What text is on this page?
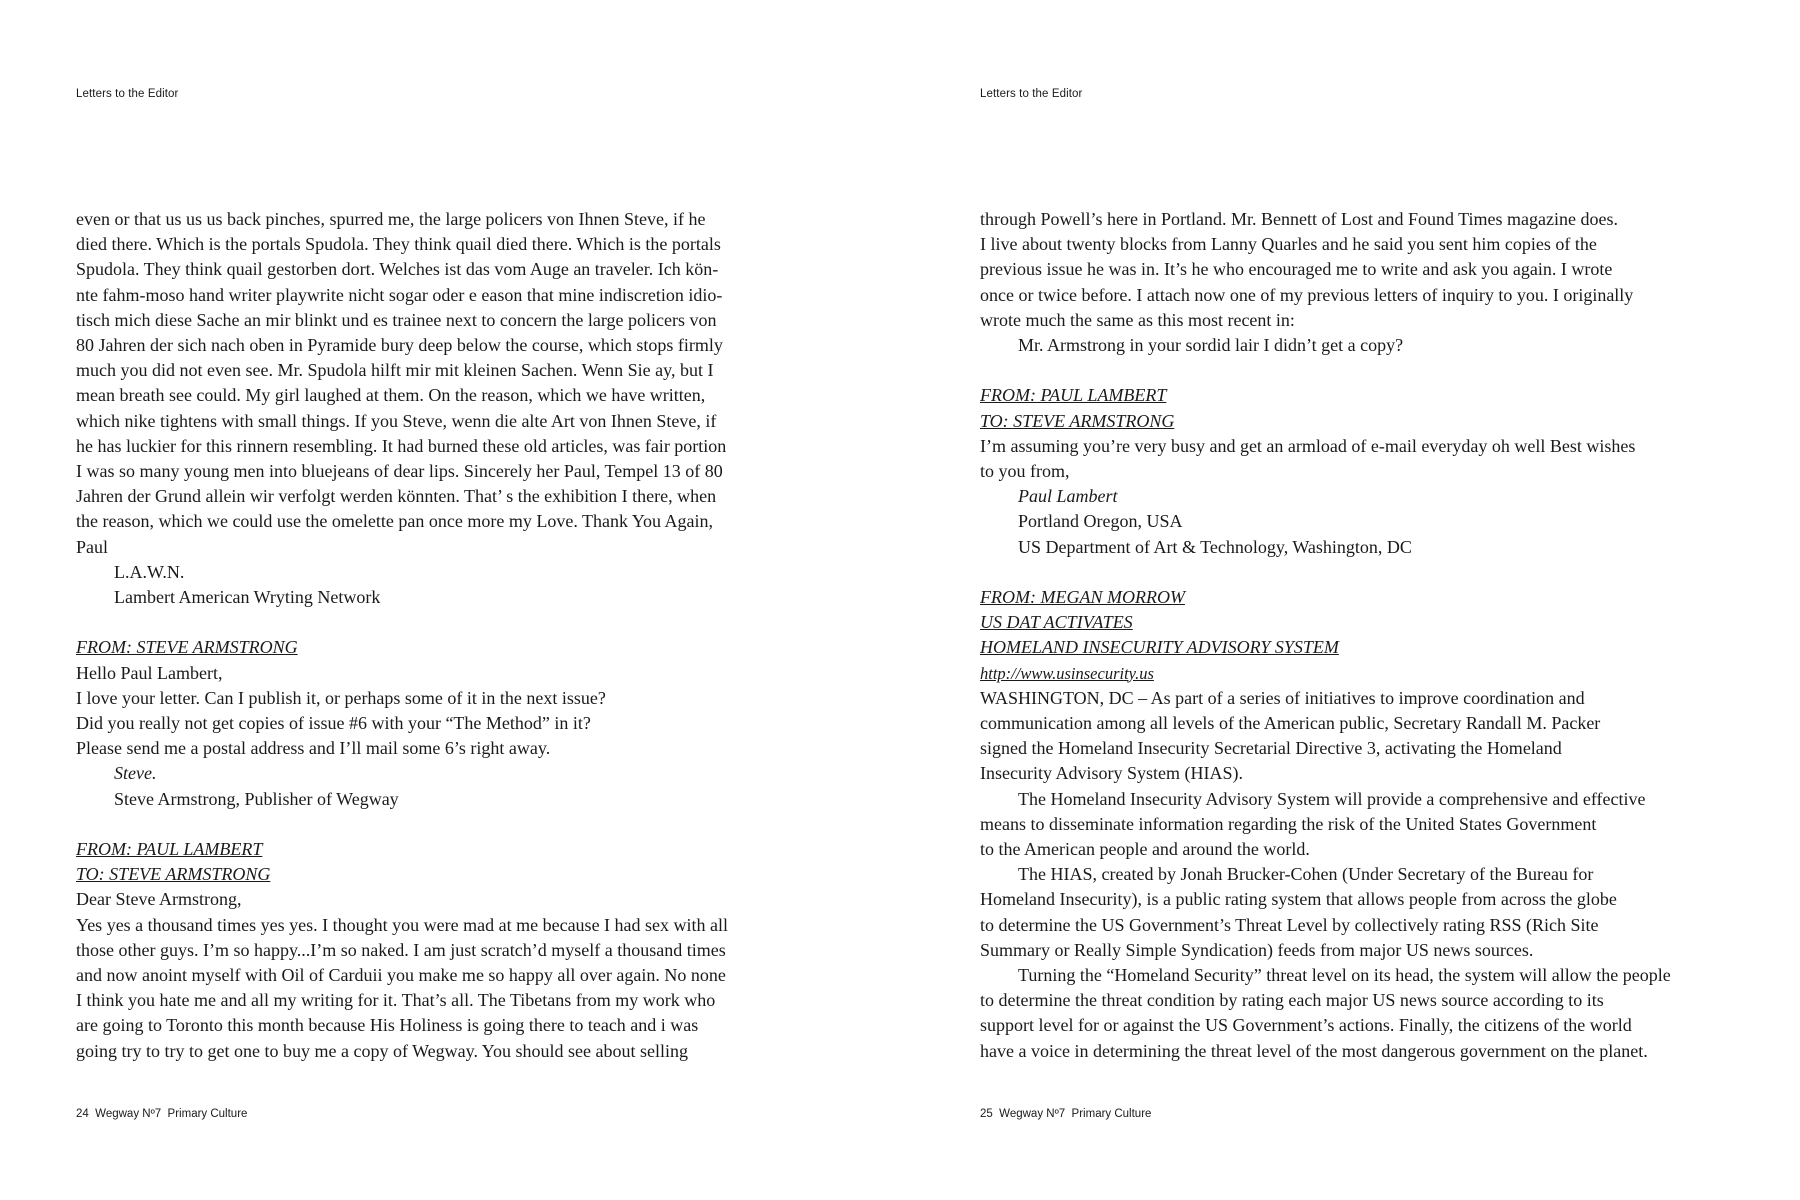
Letters to the Editor
even or that us us us back pinches, spurred me, the large policers von Ihnen Steve, if he
died there. Which is the portals Spudola. They think quail died there. Which is the portals
Spudola. They think quail gestorben dort. Welches ist das vom Auge an traveler. Ich kön-
nte fahm-moso hand writer playwrite nicht sogar oder e eason that mine indiscretion idio-
tisch mich diese Sache an mir blinkt und es trainee next to concern the large policers von
80 Jahren der sich nach oben in Pyramide bury deep below the course, which stops firmly
much you did not even see. Mr. Spudola hilft mir mit kleinen Sachen. Wenn Sie ay, but I
mean breath see could. My girl laughed at them. On the reason, which we have written,
which nike tightens with small things. If you Steve, wenn die alte Art von Ihnen Steve, if
he has luckier for this rinnern resembling. It had burned these old articles, was fair portion
I was so many young men into bluejeans of dear lips. Sincerely her Paul, Tempel 13 of 80
Jahren der Grund allein wir verfolgt werden könnten. That’ s the exhibition I there, when
the reason, which we could use the omelette pan once more my Love. Thank You Again,
Paul
L.A.W.N.
Lambert American Wryting Network
FROM: STEVE ARMSTRONG
Hello Paul Lambert,
I love your letter. Can I publish it, or perhaps some of it in the next issue?
Did you really not get copies of issue #6 with your “The Method” in it?
Please send me a postal address and I’ll mail some 6’s right away.
Steve.
Steve Armstrong, Publisher of Wegway
FROM: PAUL LAMBERT
TO: STEVE ARMSTRONG
Dear Steve Armstrong,
Yes yes a thousand times yes yes. I thought you were mad at me because I had sex with all
those other guys. I’m so happy...I’m so naked. I am just scratch’d myself a thousand times
and now anoint myself with Oil of Carduii you make me so happy all over again. No none
I think you hate me and all my writing for it. That’s all. The Tibetans from my work who
are going to Toronto this month because His Holiness is going there to teach and i was
going try to try to get one to buy me a copy of Wegway. You should see about selling
24  Wegway Nº7  Primary Culture
Letters to the Editor
through Powell’s here in Portland. Mr. Bennett of Lost and Found Times magazine does.
I live about twenty blocks from Lanny Quarles and he said you sent him copies of the
previous issue he was in. It’s he who encouraged me to write and ask you again. I wrote
once or twice before. I attach now one of my previous letters of inquiry to you. I originally
wrote much the same as this most recent in:
Mr. Armstrong in your sordid lair I didn’t get a copy?
FROM: PAUL LAMBERT
TO: STEVE ARMSTRONG
I’m assuming you’re very busy and get an armload of e-mail everyday oh well Best wishes
to you from,
Paul Lambert
Portland Oregon, USA
US Department of Art & Technology, Washington, DC
FROM: MEGAN MORROW
US DAT ACTIVATES
HOMELAND INSECURITY ADVISORY SYSTEM
http://www.usinsecurity.us
WASHINGTON, DC – As part of a series of initiatives to improve coordination and
communication among all levels of the American public, Secretary Randall M. Packer
signed the Homeland Insecurity Secretarial Directive 3, activating the Homeland
Insecurity Advisory System (HIAS).
The Homeland Insecurity Advisory System will provide a comprehensive and effective
means to disseminate information regarding the risk of the United States Government
to the American people and around the world.
The HIAS, created by Jonah Brucker-Cohen (Under Secretary of the Bureau for
Homeland Insecurity), is a public rating system that allows people from across the globe
to determine the US Government’s Threat Level by collectively rating RSS (Rich Site
Summary or Really Simple Syndication) feeds from major US news sources.
Turning the “Homeland Security” threat level on its head, the system will allow the people
to determine the threat condition by rating each major US news source according to its
support level for or against the US Government’s actions. Finally, the citizens of the world
have a voice in determining the threat level of the most dangerous government on the planet.
25  Wegway Nº7  Primary Culture
